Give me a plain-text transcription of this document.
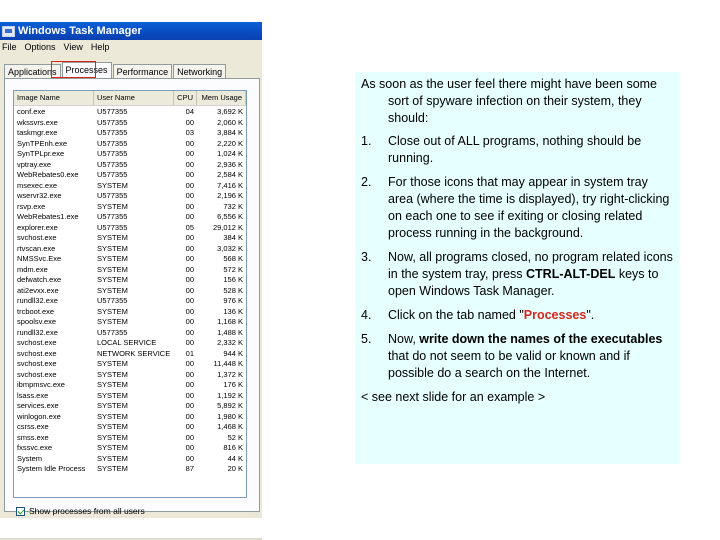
Windows Task Manager
File Options View Help
Applications	Processes	Performance	Networking
Image Name	User Name	CPU	Mem Usage
conf.exe	U577355	04	3,692 K
wkssvrs.exe	U577355	00	2,060 K
taskmgr.exe	U577355	03	3,884 K
SynTPEnh.exe	U577355	00	2,220 K
SynTPLpr.exe	U577355	00	1,024 K
vptray.exe	U577355	00	2,936 K
WebRebates0.exe	U577355	00	2,584 K
msexec.exe	SYSTEM	00	7,416 K
wservr32.exe	U577355	00	2,196 K
rsvp.exe	SYSTEM	00	732 K
WebRebates1.exe	U577355	00	6,556 K
explorer.exe	U577355	05	29,012 K
svchost.exe	SYSTEM	00	384 K
rtvscan.exe	SYSTEM	00	3,032 K
NMSSvc.Exe	SYSTEM	00	568 K
mdm.exe	SYSTEM	00	572 K
defwatch.exe	SYSTEM	00	156 K
ati2evxx.exe	SYSTEM	00	528 K
rundll32.exe	U577355	00	976 K
trcboot.exe	SYSTEM	00	136 K
spoolsv.exe	SYSTEM	00	1,168 K
rundll32.exe	U577355	00	1,488 K
svchost.exe	LOCAL SERVICE	00	2,332 K
svchost.exe	NETWORK SERVICE	01	944 K
svchost.exe	SYSTEM	00	11,448 K
svchost.exe	SYSTEM	00	1,372 K
ibmpmsvc.exe	SYSTEM	00	176 K
lsass.exe	SYSTEM	00	1,192 K
services.exe	SYSTEM	00	5,892 K
winlogon.exe	SYSTEM	00	1,980 K
csrss.exe	SYSTEM	00	1,468 K
smss.exe	SYSTEM	00	52 K
fxssvc.exe	SYSTEM	00	816 K
System	SYSTEM	00	44 K
System Idle Process	SYSTEM	87	20 K
Show processes from all users

As soon as the user feel there might have been some sort of spyware infection on their system, they should:

1.	Close out of ALL programs, nothing should be running.
2.	For those icons that may appear in system tray area (where the time is displayed), try right-clicking on each one to see if exiting or closing related process running in the background.
3.	Now, all programs closed, no program related icons in the system tray, press CTRL-ALT-DEL keys to open Windows Task Manager.
4.	Click on the tab named "Processes".
5.	Now, write down the names of the executables that do not seem to be valid or known and if possible do a search on the Internet.
< see next slide for an example >
